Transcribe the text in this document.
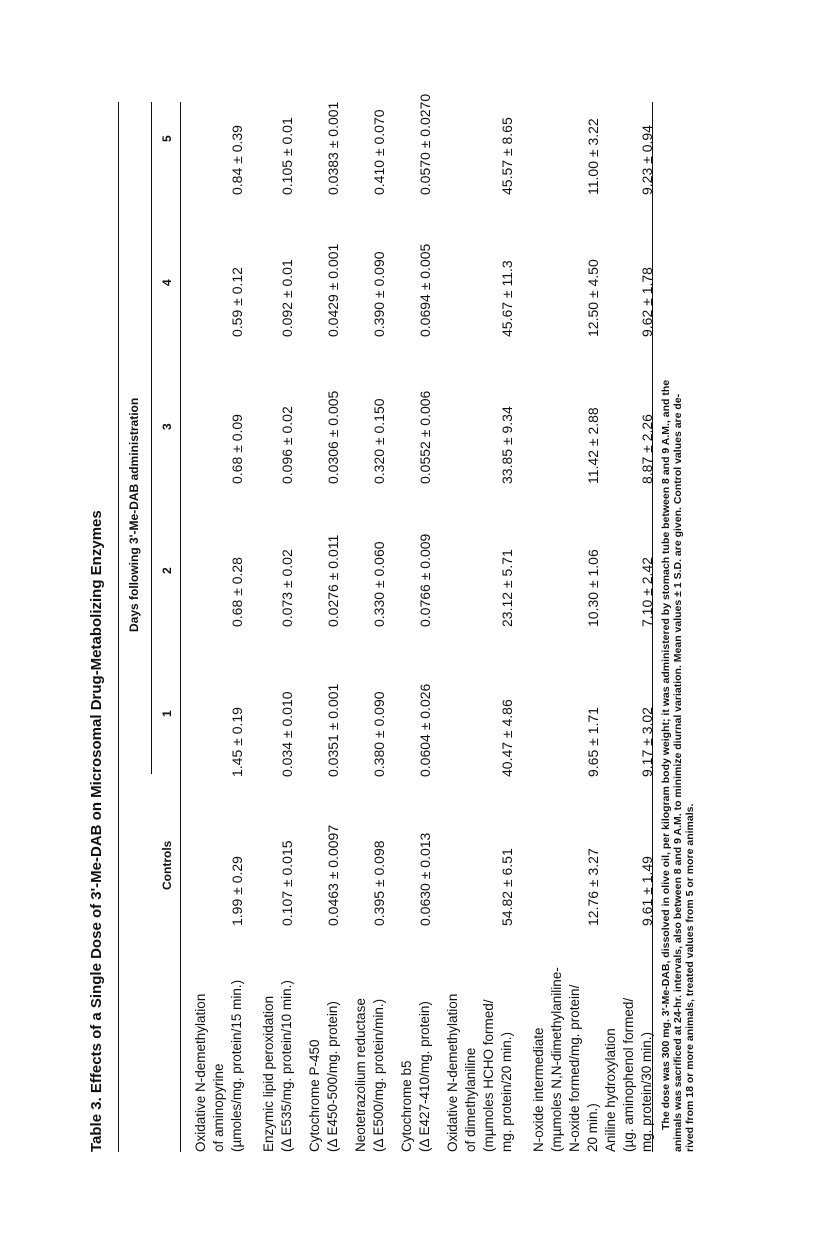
Table 3. Effects of a Single Dose of 3'-Me-DAB on Microsomal Drug-Metabolizing Enzymes Days following 3'-Me-DAB administration
Controls
1
2
3
4
5
Oxidative N-demethylation of aminopyrine (µmoles/mg. protein/15 min.)
1.99 ± 0.29
1.45 ± 0.19
0.68 ± 0.28
0.68 ± 0.09
0.59 ± 0.12
0.84 ± 0.39
Enzymic lipid peroxidation (Δ E535/mg. protein/10 min.)
0.107 ± 0.015
0.034 ± 0.010
0.073 ± 0.02
0.096 ± 0.02
0.092 ± 0.01
0.105 ± 0.01
Cytochrome P-450 (Δ E450-500/mg. protein)
0.0463 ± 0.0097
0.0351 ± 0.001
0.0276 ± 0.011
0.0306 ± 0.005
0.0429 ± 0.001
0.0383 ± 0.001
Neotetrazolium reductase (Δ E500/mg. protein/min.)
0.395 ± 0.098
0.380 ± 0.090
0.330 ± 0.060
0.320 ± 0.150
0.390 ± 0.090
0.410 ± 0.070
Cytochrome b5 (Δ E427-410/mg. protein)
0.0630 ± 0.013
0.0604 ± 0.026
0.0766 ± 0.009
0.0552 ± 0.006
0.0694 ± 0.005
0.0570 ± 0.0270
Oxidative N-demethylation of dimethylaniline (mµmoles HCHO formed/ mg. protein/20 min.)
54.82 ± 6.51
40.47 ± 4.86
23.12 ± 5.71
33.85 ± 9.34
45.67 ± 11.3
45.57 ± 8.65
N-oxide intermediate (mµmoles N,N-dimethylaniline- N-oxide formed/mg. protein/ 20 min.)
12.76 ± 3.27
9.65 ± 1.71
10.30 ± 1.06
11.42 ± 2.88
12.50 ± 4.50
11.00 ± 3.22
Aniline hydroxylation (µg. aminophenol formed/ mg. protein/30 min.)
9.61 ± 1.49
9.17 ± 3.02
7.10 ± 2.42
8.87 ± 2.26
9.62 ± 1.78
9.23 ± 0.94
The dose was 300 mg. 3'-Me-DAB, dissolved in olive oil, per kilogram body weight; it was administered by stomach tube between 8 and 9 A.M., and the animals was sacrificed at 24-hr. intervals, also between 8 and 9 A.M. to minimize diurnal variation. Mean values ± 1 S.D. are given. Control values are de- rived from 18 or more animals, treated values from 5 or more animals.
